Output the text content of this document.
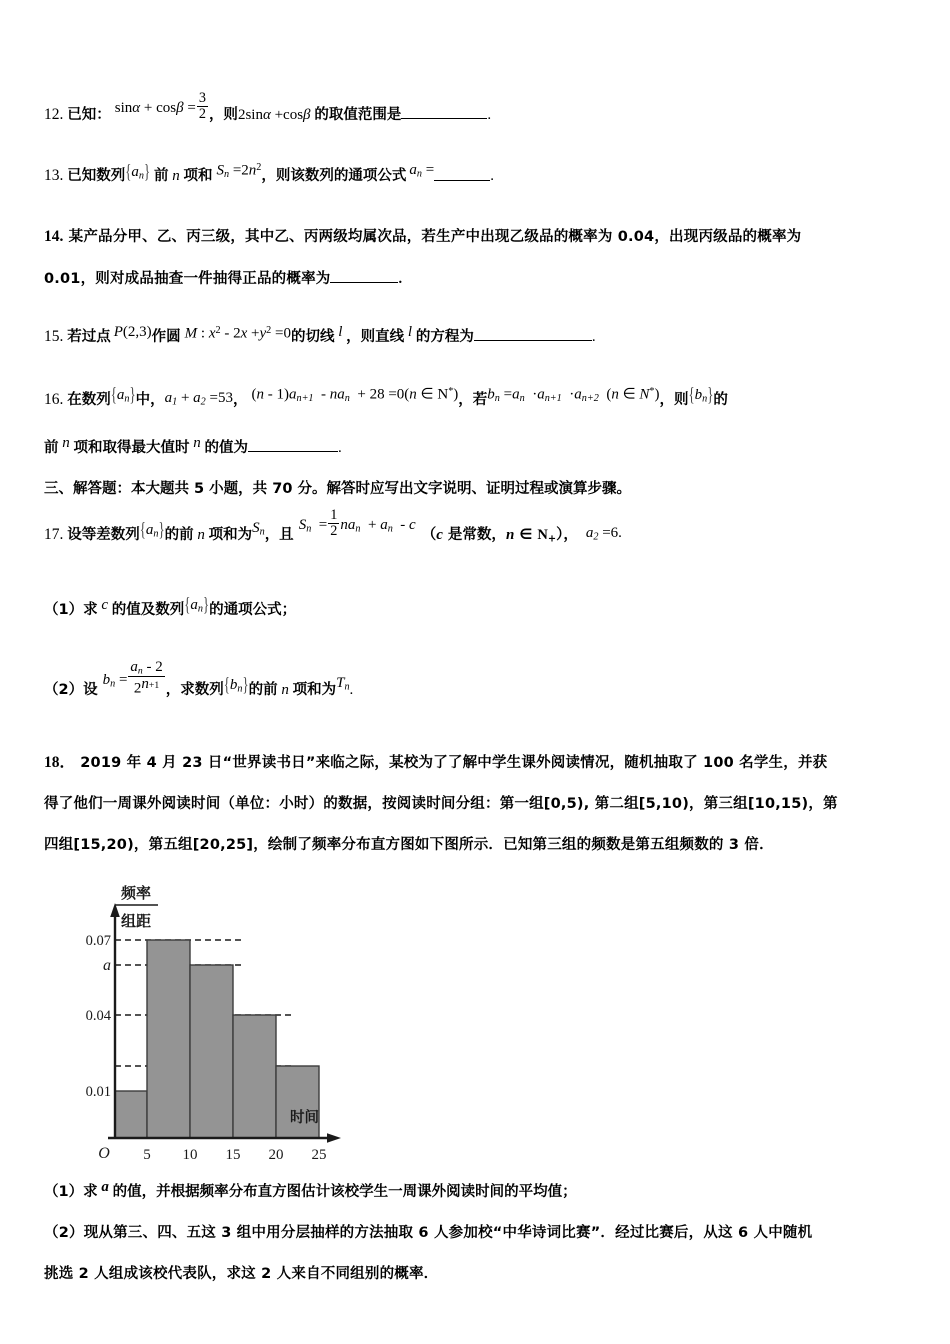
12. 已知： $\sin\alpha + \cos\beta = \frac{3}{2}$ ，则2sinα +cosβ 的取值范围是	.
13. 已知数列$\{a_n\}$ 前 n 项和 $S_n =2n^2$，则该数列的通项公式 $a_n$ =	.
14. 某产品分甲、乙、丙三级，其中乙、丙两级均属次品，若生产中出现乙级品的概率为 0.04，出现丙级品的概率为
0.01，则对成品抽查一件抽得正品的概率为	.
15. 若过点 P(2,3)作圆 M : $x^2 - 2x +y^2 =0$的切线 l ，则直线 l 的方程为	.
16. 在数列$\{a_n\}$中，$a_1 + a_2 =53$， $(n - 1)a_{n+1} - na_n + 28 =0(n$ ∈ N*)，若$b_n =a_n \cdot a_{n+1} \cdot a_{n+2}$  (n ∈ N*)，则$\{b_n\}$的
前 n 项和取得最大值时 n 的值为	.
三、解答题：本大题共 5 小题，共 70 分。解答时应写出文字说明、证明过程或演算步骤。
17. 设等差数列$\{a_n\}$的前 n 项和为$S_n$，且$S_n = \frac{1}{2} na_n + a_n - c(c$ 是常数，n ∈ $N_+$）， $a_2 =6$.
（1）求 c 的值及数列$\{a_n\}$的通项公式；
（2）设$b_n = \frac{a_n - 2}{2^{n+1}}$ ，求数列$\{b_n\}$的前 n 项和为$T_n$.
18． 2019 年 4 月 23 日“世界读书日”来临之际，某校为了了解中学生课外阅读情况，随机抽取了 100 名学生，并获
得了他们一周课外阅读时间（单位：小时）的数据，按阅读时间分组：第一组[0,5), 第二组[5,10)，第三组[10,15)，第
四组[15,20)，第五组[20,25]，绘制了频率分布直方图如下图所示．已知第三组的频数是第五组频数的 3 倍．
频率
组距
0.07
a
0.04
0.01
O 5 10 15 20 25
时间
（1）求 a 的值，并根据频率分布直方图估计该校学生一周课外阅读时间的平均值；
（2）现从第三、四、五这 3 组中用分层抽样的方法抽取 6 人参加校“中华诗词比赛”．经过比赛后，从这 6 人中随机
挑选 2 人组成该校代表队，求这 2 人来自不同组别的概率．
